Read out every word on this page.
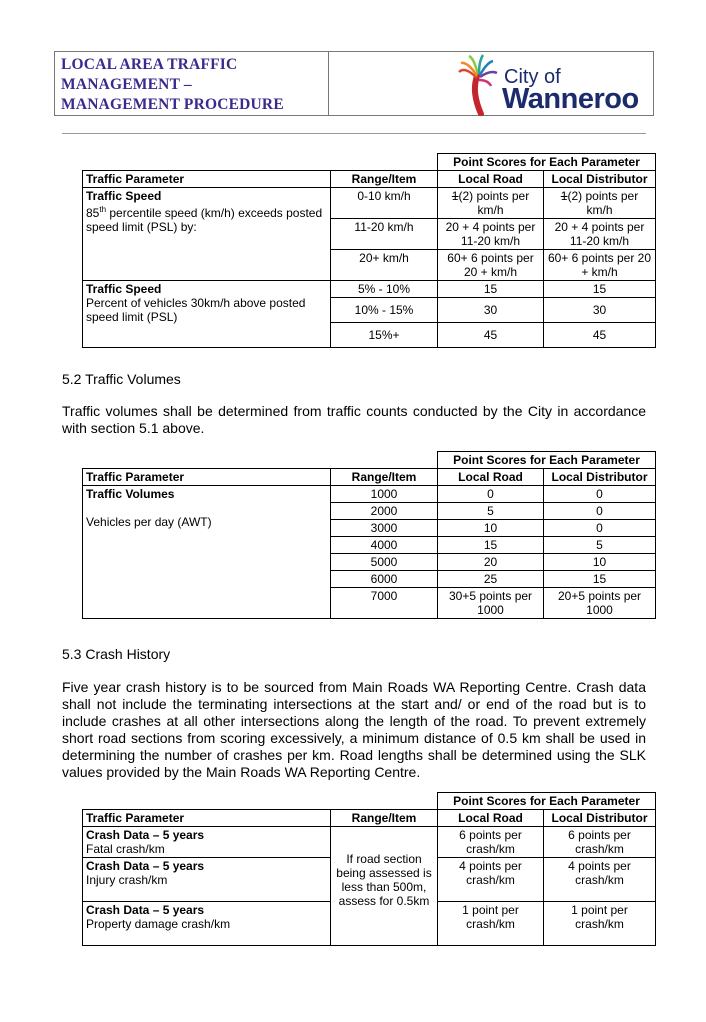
LOCAL AREA TRAFFIC
MANAGEMENT –
MANAGEMENT PROCEDURE
City of
Wanneroo
		Point Scores for Each Parameter	
Traffic Parameter	Range/Item	Local Road	Local Distributor
Traffic Speed
85th percentile speed (km/h) exceeds posted speed limit (PSL) by:	0-10 km/h	1(2) points per km/h	1(2) points per km/h
	11-20 km/h	20 + 4 points per 11-20 km/h	20 + 4 points per 11-20 km/h
	20+ km/h	60+ 6 points per 20 + km/h	60+ 6 points per 20 + km/h
Traffic Speed
Percent of vehicles 30km/h above posted speed limit (PSL)	5% - 10%	15	15
	10% - 15%	30	30
	15%+	45	45
5.2 Traffic Volumes
Traffic volumes shall be determined from traffic counts conducted by the City in accordance with section 5.1 above.
		Point Scores for Each Parameter	
Traffic Parameter	Range/Item	Local Road	Local Distributor
Traffic Volumes

Vehicles per day (AWT)	1000	0	0
	2000	5	0
	3000	10	0
	4000	15	5
	5000	20	10
	6000	25	15
	7000	30+5 points per 1000	20+5 points per 1000
5.3 Crash History
Five year crash history is to be sourced from Main Roads WA Reporting Centre. Crash data shall not include the terminating intersections at the start and/ or end of the road but is to include crashes at all other intersections along the length of the road. To prevent extremely short road sections from scoring excessively, a minimum distance of 0.5 km shall be used in determining the number of crashes per km. Road lengths shall be determined using the SLK values provided by the Main Roads WA Reporting Centre.
		Point Scores for Each Parameter	
Traffic Parameter	Range/Item	Local Road	Local Distributor
Crash Data – 5 years
Fatal crash/km	If road section being assessed is less than 500m, assess for 0.5km	6 points per crash/km	6 points per crash/km
Crash Data – 5 years
Injury crash/km		4 points per crash/km	4 points per crash/km
Crash Data – 5 years
Property damage crash/km		1 point per crash/km	1 point per crash/km
